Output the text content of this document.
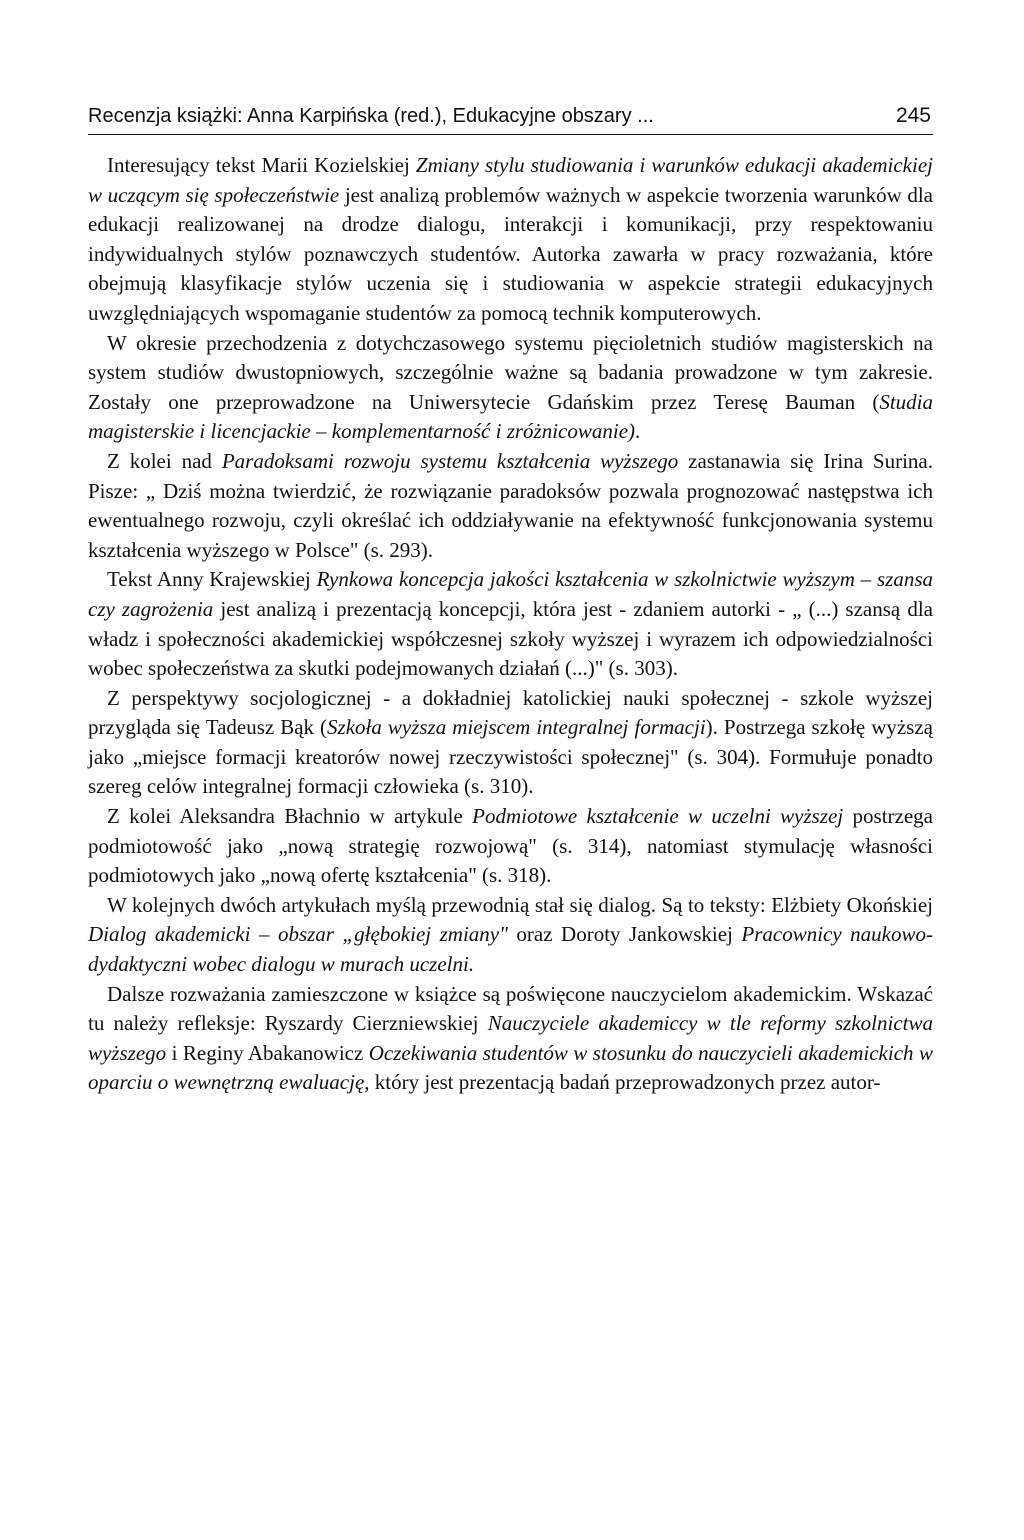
Recenzja książki: Anna Karpińska (red.), Edukacyjne obszary ...	245

Interesujący tekst Marii Kozielskiej Zmiany stylu studiowania i warunków edukacji akademickiej w uczącym się społeczeństwie jest analizą problemów ważnych w aspekcie tworzenia warunków dla edukacji realizowanej na drodze dialogu, interakcji i komunikacji, przy respektowaniu indywidualnych stylów poznawczych studentów. Autorka zawarła w pracy rozważania, które obejmują klasyfikacje stylów uczenia się i studiowania w aspekcie strategii edukacyjnych uwzględniających wspomaganie studentów za pomocą technik komputerowych.

W okresie przechodzenia z dotychczasowego systemu pięcioletnich studiów magisterskich na system studiów dwustopniowych, szczególnie ważne są badania prowadzone w tym zakresie. Zostały one przeprowadzone na Uniwersytecie Gdańskim przez Teresę Bauman (Studia magisterskie i licencjackie – komplementarność i zróżnicowanie).

Z kolei nad Paradoksami rozwoju systemu kształcenia wyższego zastanawia się Irina Surina. Pisze: „ Dziś można twierdzić, że rozwiązanie paradoksów pozwala prognozować następstwa ich ewentualnego rozwoju, czyli określać ich oddziaływanie na efektywność funkcjonowania systemu kształcenia wyższego w Polsce" (s. 293).

Tekst Anny Krajewskiej Rynkowa koncepcja jakości kształcenia w szkolnictwie wyższym – szansa czy zagrożenia jest analizą i prezentacją koncepcji, która jest - zdaniem autorki - „ (...) szansą dla władz i społeczności akademickiej współczesnej szkoły wyższej i wyrazem ich odpowiedzialności wobec społeczeństwa za skutki podejmowanych działań (...)" (s. 303).

Z perspektywy socjologicznej - a dokładniej katolickiej nauki społecznej - szkole wyższej przygląda się Tadeusz Bąk (Szkoła wyższa miejscem integralnej formacji). Postrzega szkołę wyższą jako „miejsce formacji kreatorów nowej rzeczywistości społecznej" (s. 304). Formułuje ponadto szereg celów integralnej formacji człowieka (s. 310).

Z kolei Aleksandra Błachnio w artykule Podmiotowe kształcenie w uczelni wyższej postrzega podmiotowość jako „nową strategię rozwojową" (s. 314), natomiast stymulację własności podmiotowych jako „nową ofertę kształcenia" (s. 318).

W kolejnych dwóch artykułach myślą przewodnią stał się dialog. Są to teksty: Elżbiety Okońskiej Dialog akademicki – obszar „głębokiej zmiany" oraz Doroty Jankowskiej Pracownicy naukowo-dydaktyczni wobec dialogu w murach uczelni.

Dalsze rozważania zamieszczone w książce są poświęcone nauczycielom akademickim. Wskazać tu należy refleksje: Ryszardy Cierzniewskiej Nauczyciele akademiccy w tle reformy szkolnictwa wyższego i Reginy Abakanowicz Oczekiwania studentów w stosunku do nauczycieli akademickich w oparciu o wewnętrzną ewaluację, który jest prezentacją badań przeprowadzonych przez autor-
